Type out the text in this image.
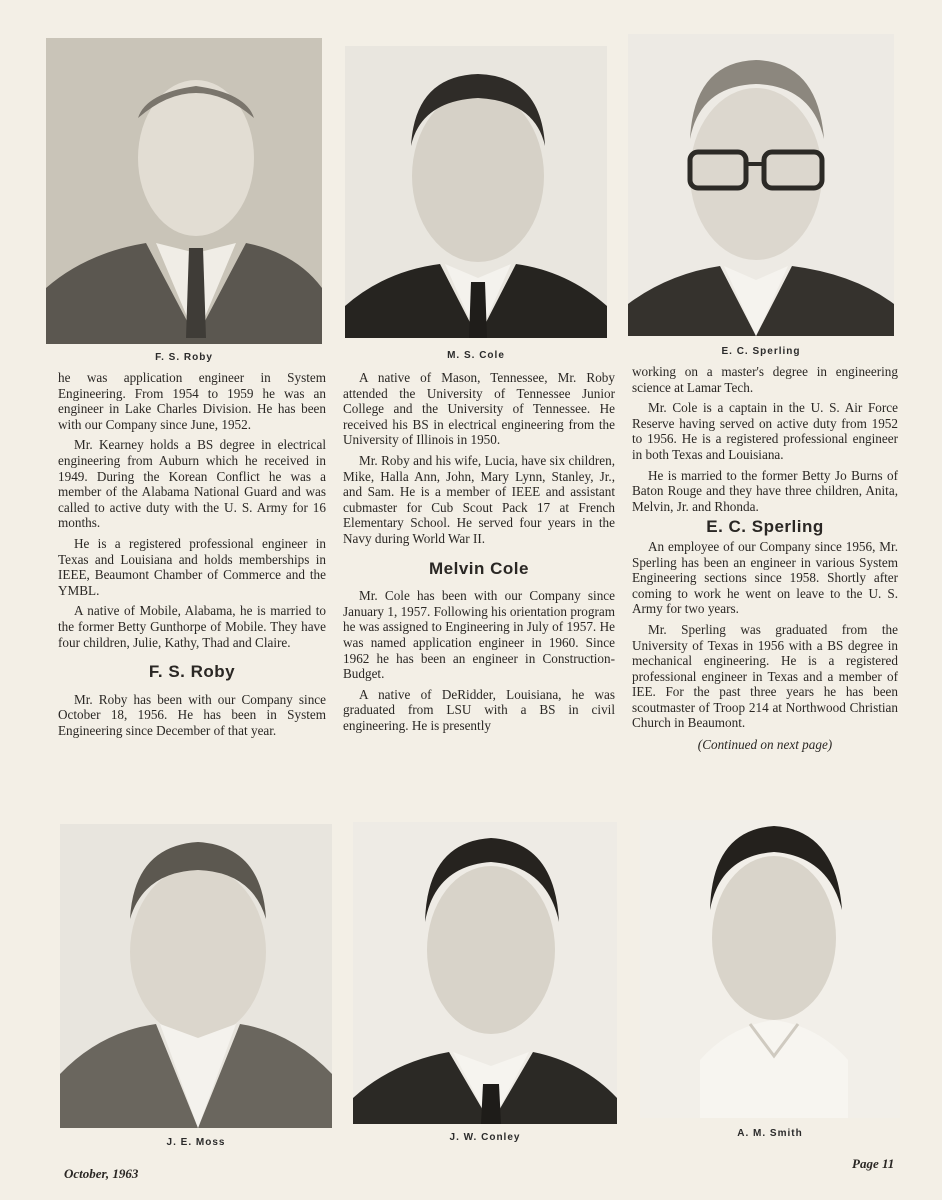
F. S. Roby	M. S. Cole	E. C. Sperling

he was application engineer in System Engineering. From 1954 to 1959 he was an engineer in Lake Charles Division. He has been with our Company since June, 1952.

Mr. Kearney holds a BS degree in electrical engineering from Auburn which he received in 1949. During the Korean Conflict he was a member of the Alabama National Guard and was called to active duty with the U. S. Army for 16 months.

He is a registered professional engineer in Texas and Louisiana and holds memberships in IEEE, Beaumont Chamber of Commerce and the YMBL.

A native of Mobile, Alabama, he is married to the former Betty Gunthorpe of Mobile. They have four children, Julie, Kathy, Thad and Claire.

F. S. Roby

Mr. Roby has been with our Company since October 18, 1956. He has been in System Engineering since December of that year.

A native of Mason, Tennessee, Mr. Roby attended the University of Tennessee Junior College and the University of Tennessee. He received his BS in electrical engineering from the University of Illinois in 1950.

Mr. Roby and his wife, Lucia, have six children, Mike, Halla Ann, John, Mary Lynn, Stanley, Jr., and Sam. He is a member of IEEE and assistant cubmaster for Cub Scout Pack 17 at French Elementary School. He served four years in the Navy during World War II.

Melvin Cole

Mr. Cole has been with our Company since January 1, 1957. Following his orientation program he was assigned to Engineering in July of 1957. He was named application engineer in 1960. Since 1962 he has been an engineer in Construction-Budget.

A native of DeRidder, Louisiana, he was graduated from LSU with a BS in civil engineering. He is presently

working on a master's degree in engineering science at Lamar Tech.

Mr. Cole is a captain in the U. S. Air Force Reserve having served on active duty from 1952 to 1956. He is a registered professional engineer in both Texas and Louisiana.

He is married to the former Betty Jo Burns of Baton Rouge and they have three children, Anita, Melvin, Jr. and Rhonda.

E. C. Sperling

An employee of our Company since 1956, Mr. Sperling has been an engineer in various System Engineering sections since 1958. Shortly after coming to work he went on leave to the U. S. Army for two years.

Mr. Sperling was graduated from the University of Texas in 1956 with a BS degree in mechanical engineering. He is a registered professional engineer in Texas and a member of IEE. For the past three years he has been scoutmaster of Troop 214 at Northwood Christian Church in Beaumont.

(Continued on next page)
J. E. Moss	J. W. Conley	A. M. Smith
October, 1963
Page 11
